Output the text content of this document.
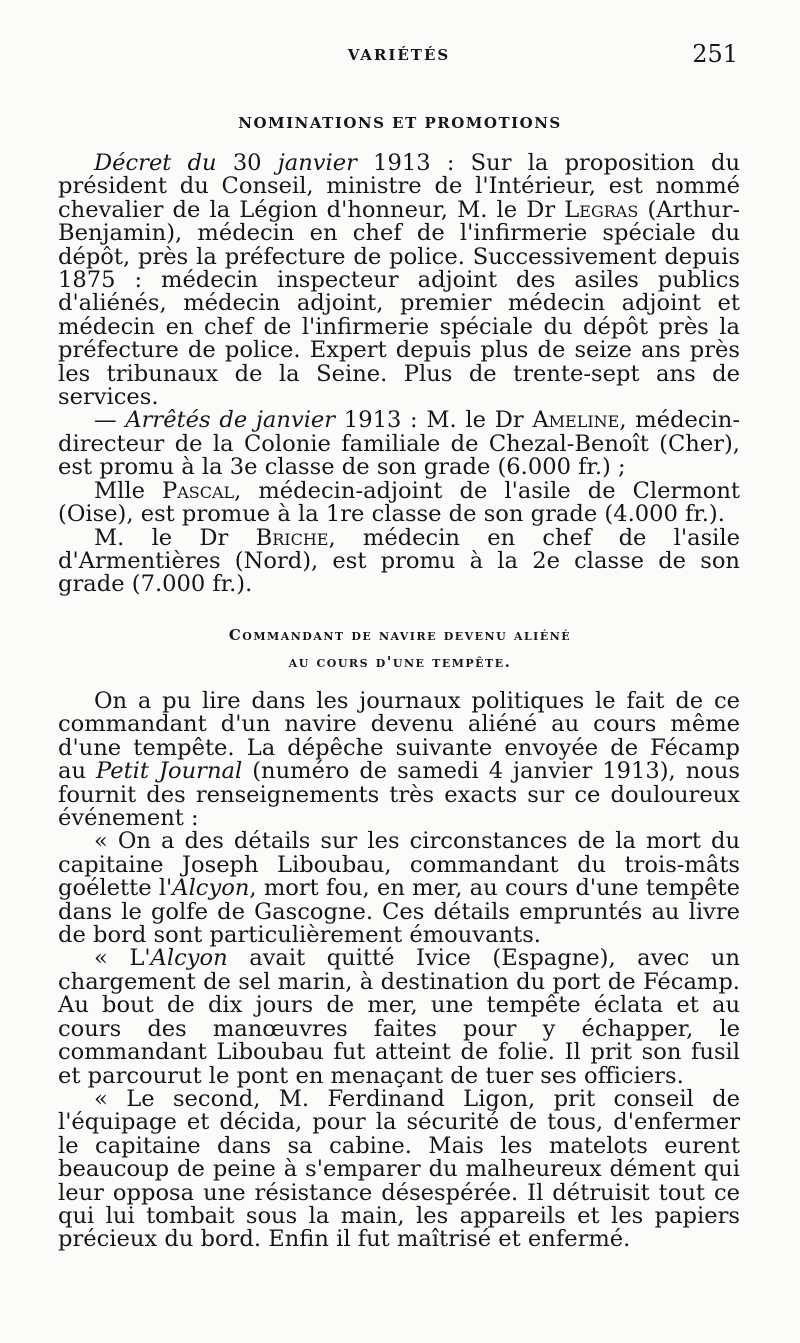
VARIÉTÉS	251
NOMINATIONS ET PROMOTIONS

Décret du 30 janvier 1913 : Sur la proposition du président du Conseil, ministre de l'Intérieur, est nommé chevalier de la Légion d'honneur, M. le Dr Legras (Arthur-Benjamin), médecin en chef de l'infirmerie spéciale du dépôt, près la préfecture de police. Successivement depuis 1875 : médecin inspecteur adjoint des asiles publics d'aliénés, médecin adjoint, premier médecin adjoint et médecin en chef de l'infirmerie spéciale du dépôt près la préfecture de police. Expert depuis plus de seize ans près les tribunaux de la Seine. Plus de trente-sept ans de services.

— Arrêtés de janvier 1913 : M. le Dr Ameline, médecin-directeur de la Colonie familiale de Chezal-Benoît (Cher), est promu à la 3e classe de son grade (6.000 fr.) ;

Mlle Pascal, médecin-adjoint de l'asile de Clermont (Oise), est promue à la 1re classe de son grade (4.000 fr.).

M. le Dr Briche, médecin en chef de l'asile d'Armentières (Nord), est promu à la 2e classe de son grade (7.000 fr.).

Commandant de navire devenu aliéné
au cours d'une tempête.

On a pu lire dans les journaux politiques le fait de ce commandant d'un navire devenu aliéné au cours même d'une tempête. La dépêche suivante envoyée de Fécamp au Petit Journal (numéro de samedi 4 janvier 1913), nous fournit des renseignements très exacts sur ce douloureux événement :

« On a des détails sur les circonstances de la mort du capitaine Joseph Liboubau, commandant du trois-mâts goélette l'Alcyon, mort fou, en mer, au cours d'une tempête dans le golfe de Gascogne. Ces détails empruntés au livre de bord sont particulièrement émouvants.

« L'Alcyon avait quitté Ivice (Espagne), avec un chargement de sel marin, à destination du port de Fécamp. Au bout de dix jours de mer, une tempête éclata et au cours des manœuvres faites pour y échapper, le commandant Liboubau fut atteint de folie. Il prit son fusil et parcourut le pont en menaçant de tuer ses officiers.

« Le second, M. Ferdinand Ligon, prit conseil de l'équipage et décida, pour la sécurité de tous, d'enfermer le capitaine dans sa cabine. Mais les matelots eurent beaucoup de peine à s'emparer du malheureux dément qui leur opposa une résistance désespérée. Il détruisit tout ce qui lui tombait sous la main, les appareils et les papiers précieux du bord. Enfin il fut maîtrisé et enfermé.
